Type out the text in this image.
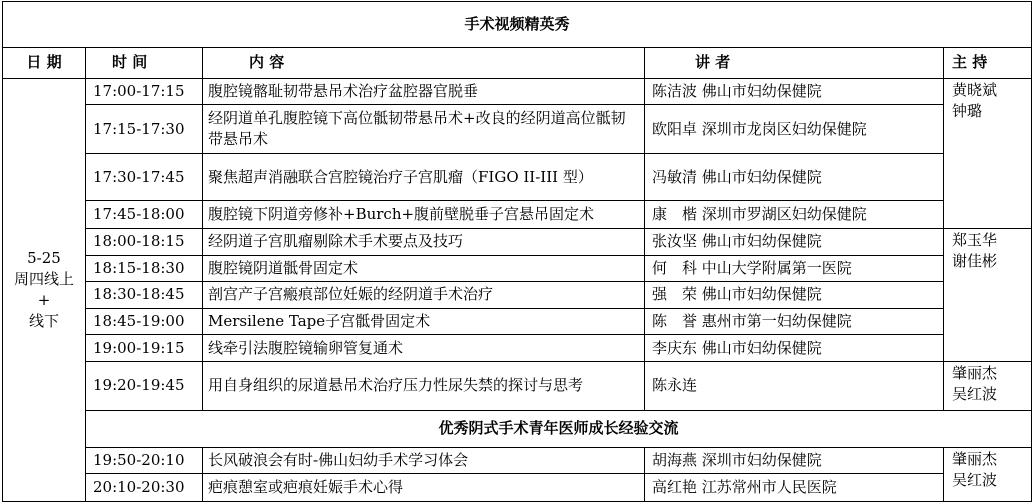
手术视频精英秀				
日 期	时 间	内 容	讲 者	主 持
5-25
周四线上
+
线下	17:00-17:15	腹腔镜髂耻韧带悬吊术治疗盆腔器官脱垂	陈洁波 佛山市妇幼保健院	黄晓斌
钟璐

	17:15-17:30	经阴道单孔腹腔镜下高位骶韧带悬吊术+改良的经阴道高位骶韧带悬吊术	欧阳卓 深圳市龙岗区妇幼保健院	
	17:30-17:45	聚焦超声消融联合宫腔镜治疗子宫肌瘤（FIGO II-III 型）	冯敏清 佛山市妇幼保健院	
	17:45-18:00	腹腔镜下阴道旁修补+Burch+腹前壁脱垂子宫悬吊固定术	康　楷 深圳市罗湖区妇幼保健院	
	18:00-18:15	经阴道子宫肌瘤剔除术手术要点及技巧	张汝坚 佛山市妇幼保健院	郑玉华
谢佳彬

	18:15-18:30	腹腔镜阴道骶骨固定术	何　科 中山大学附属第一医院	
	18:30-18:45	剖宫产子宫瘢痕部位妊娠的经阴道手术治疗	强　荣 佛山市妇幼保健院	
	18:45-19:00	Mersilene Tape子宫骶骨固定术	陈　誉 惠州市第一妇幼保健院	
	19:00-19:15	线牵引法腹腔镜输卵管复通术	李庆东 佛山市妇幼保健院	
	19:20-19:45	用自身组织的尿道悬吊术治疗压力性尿失禁的探讨与思考	陈永连	肇丽杰
吴红波

	优秀阴式手术青年医师成长经验交流			
	19:50-20:10	长风破浪会有时-佛山妇幼手术学习体会	胡海燕 深圳市妇幼保健院	肇丽杰
吴红波

	20:10-20:30	疤痕憩室或疤痕妊娠手术心得	高红艳 江苏常州市人民医院	
